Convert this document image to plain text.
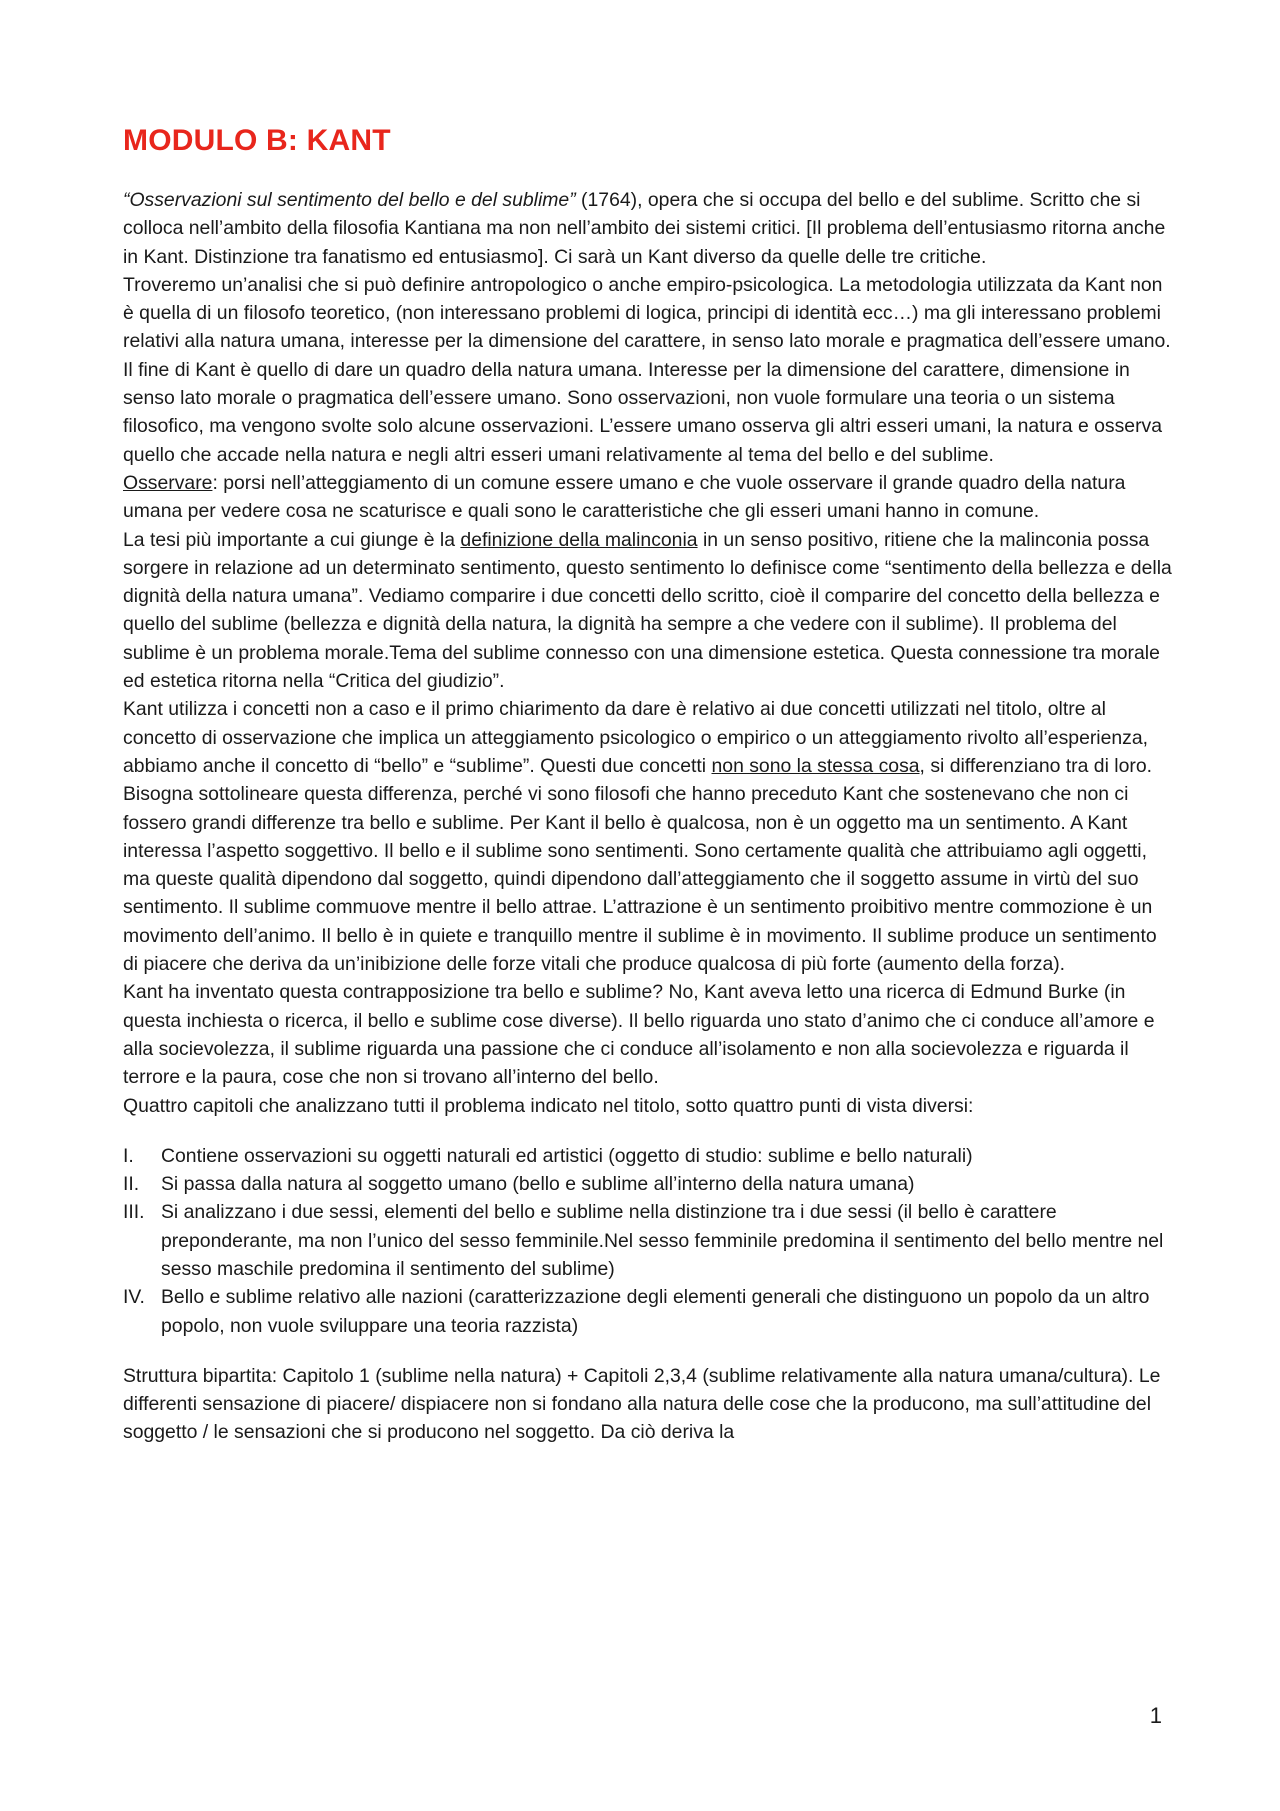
MODULO B: KANT

“Osservazioni sul sentimento del bello e del sublime” (1764), opera che si occupa del bello e del sublime. Scritto che si colloca nell’ambito della filosofia Kantiana ma non nell’ambito dei sistemi critici. [Il problema dell’entusiasmo ritorna anche in Kant. Distinzione tra fanatismo ed entusiasmo]. Ci sarà un Kant diverso da quelle delle tre critiche.

Troveremo un’analisi che si può definire antropologico o anche empiro-psicologica. La metodologia utilizzata da Kant non è quella di un filosofo teoretico, (non interessano problemi di logica, principi di identità ecc…) ma gli interessano problemi relativi alla natura umana, interesse per la dimensione del carattere, in senso lato morale e pragmatica dell’essere umano. Il fine di Kant è quello di dare un quadro della natura umana. Interesse per la dimensione del carattere, dimensione in senso lato morale o pragmatica dell’essere umano. Sono osservazioni, non vuole formulare una teoria o un sistema filosofico, ma vengono svolte solo alcune osservazioni. L’essere umano osserva gli altri esseri umani, la natura e osserva quello che accade nella natura e negli altri esseri umani relativamente al tema del bello e del sublime.

Osservare: porsi nell’atteggiamento di un comune essere umano e che vuole osservare il grande quadro della natura umana per vedere cosa ne scaturisce e quali sono le caratteristiche che gli esseri umani hanno in comune.

La tesi più importante a cui giunge è la definizione della malinconia in un senso positivo, ritiene che la malinconia possa sorgere in relazione ad un determinato sentimento, questo sentimento lo definisce come “sentimento della bellezza e della dignità della natura umana”. Vediamo comparire i due concetti dello scritto, cioè il comparire del concetto della bellezza e quello del sublime (bellezza e dignità della natura, la dignità ha sempre a che vedere con il sublime). Il problema del sublime è un problema morale.Tema del sublime connesso con una dimensione estetica. Questa connessione tra morale ed estetica ritorna nella “Critica del giudizio”.

Kant utilizza i concetti non a caso e il primo chiarimento da dare è relativo ai due concetti utilizzati nel titolo, oltre al concetto di osservazione che implica un atteggiamento psicologico o empirico o un atteggiamento rivolto all’esperienza, abbiamo anche il concetto di “bello” e “sublime”. Questi due concetti non sono la stessa cosa, si differenziano tra di loro. Bisogna sottolineare questa differenza, perché vi sono filosofi che hanno preceduto Kant che sostenevano che non ci fossero grandi differenze tra bello e sublime. Per Kant il bello è qualcosa, non è un oggetto ma un sentimento. A Kant interessa l’aspetto soggettivo. Il bello e il sublime sono sentimenti. Sono certamente qualità che attribuiamo agli oggetti, ma queste qualità dipendono dal soggetto, quindi dipendono dall’atteggiamento che il soggetto assume in virtù del suo sentimento. Il sublime commuove mentre il bello attrae. L’attrazione è un sentimento proibitivo mentre commozione è un movimento dell’animo. Il bello è in quiete e tranquillo mentre il sublime è in movimento. Il sublime produce un sentimento di piacere che deriva da un’inibizione delle forze vitali che produce qualcosa di più forte (aumento della forza).

Kant ha inventato questa contrapposizione tra bello e sublime? No, Kant aveva letto una ricerca di Edmund Burke (in questa inchiesta o ricerca, il bello e sublime cose diverse). Il bello riguarda uno stato d’animo che ci conduce all’amore e alla socievolezza, il sublime riguarda una passione che ci conduce all’isolamento e non alla socievolezza e riguarda il terrore e la paura, cose che non si trovano all’interno del bello.

Quattro capitoli che analizzano tutti il problema indicato nel titolo, sotto quattro punti di vista diversi:

I. Contiene osservazioni su oggetti naturali ed artistici (oggetto di studio: sublime e bello naturali)
II. Si passa dalla natura al soggetto umano (bello e sublime all’interno della natura umana)
III. Si analizzano i due sessi, elementi del bello e sublime nella distinzione tra i due sessi (il bello è carattere preponderante, ma non l’unico del sesso femminile.Nel sesso femminile predomina il sentimento del bello mentre nel sesso maschile predomina il sentimento del sublime)
IV. Bello e sublime relativo alle nazioni (caratterizzazione degli elementi generali che distinguono un popolo da un altro popolo, non vuole sviluppare una teoria razzista)

Struttura bipartita: Capitolo 1 (sublime nella natura) + Capitoli 2,3,4 (sublime relativamente alla natura umana/cultura). Le differenti sensazione di piacere/ dispiacere non si fondano alla natura delle cose che la producono, ma sull’attitudine del soggetto / le sensazioni che si producono nel soggetto. Da ciò deriva la

1
